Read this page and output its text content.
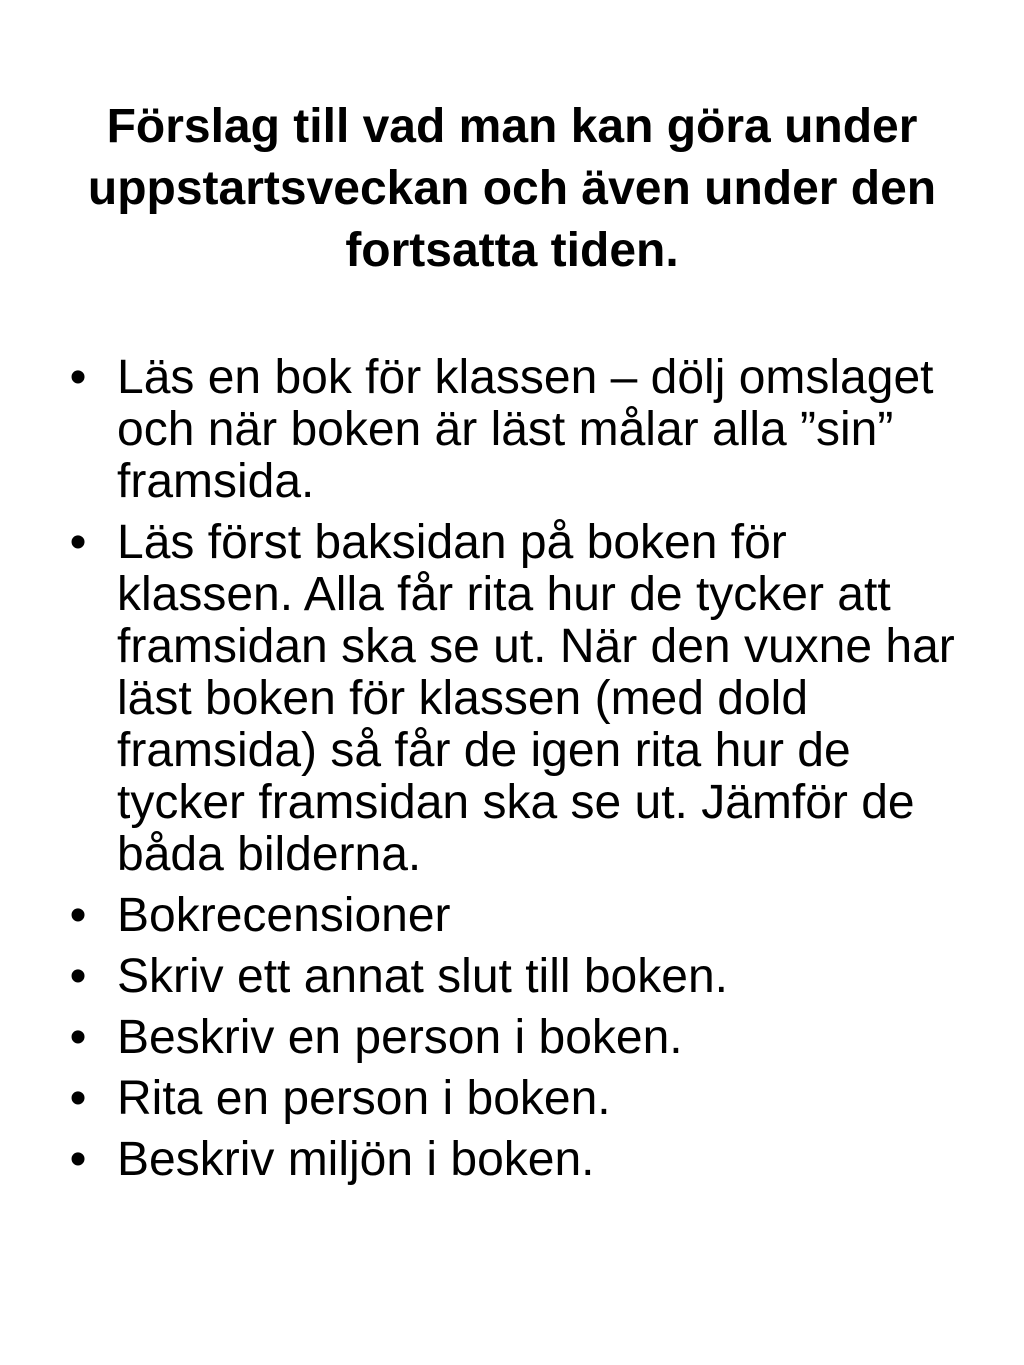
Förslag till vad man kan göra under uppstartsveckan och även under den fortsatta tiden.
• Läs en bok för klassen – dölj omslaget och när boken är läst målar alla ”sin” framsida.
• Läs först baksidan på boken för klassen. Alla får rita hur de tycker att framsidan ska se ut. När den vuxne har läst boken för klassen (med dold framsida) så får de igen rita hur de tycker framsidan ska se ut. Jämför de båda bilderna.
• Bokrecensioner
• Skriv ett annat slut till boken.
• Beskriv en person i boken.
• Rita en person i boken.
• Beskriv miljön i boken.
